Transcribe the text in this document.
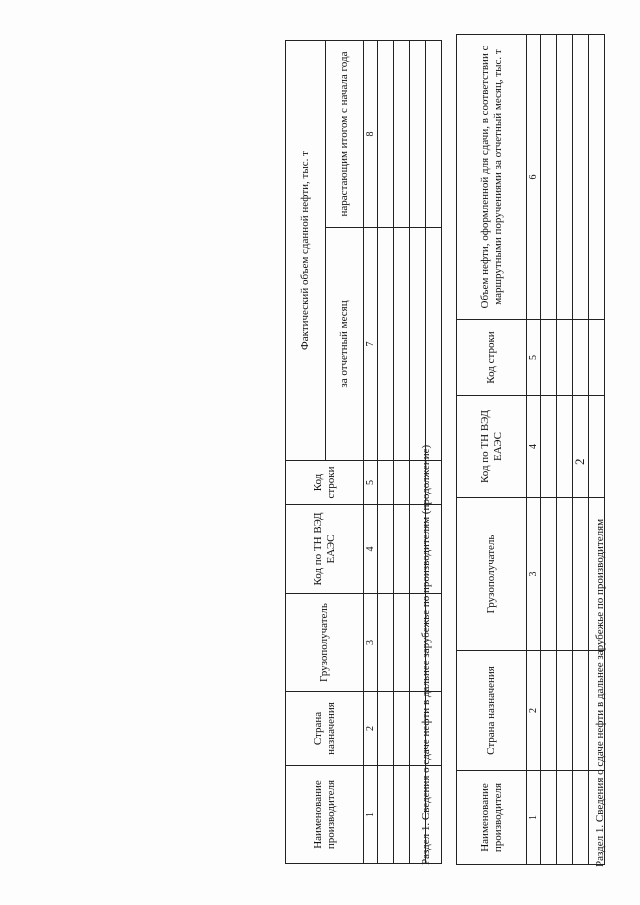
2
Раздел 1. Сведения о сдаче нефти в дальнее зарубежье по производителям
Наименование производителя	Страна назначения	Грузополучатель	Код по ТН ВЭД ЕАЭС	Код строки	Объем нефти, оформленной для сдачи, в соответствии с маршрутными поручениями за отчетный месяц, тыс. т
1	2	3	4	5	6

Раздел 1. Сведения о сдаче нефти в дальнее зарубежье по производителям (продолжение)
Наименование производителя	Страна назначения	Грузополучатель	Код по ТН ВЭД ЕАЭС	Код строки	Фактический объем сданной нефти, тыс. т	
					за отчетный месяц	нарастающим итогом с начала года
1	2	3	4	5	7	8
